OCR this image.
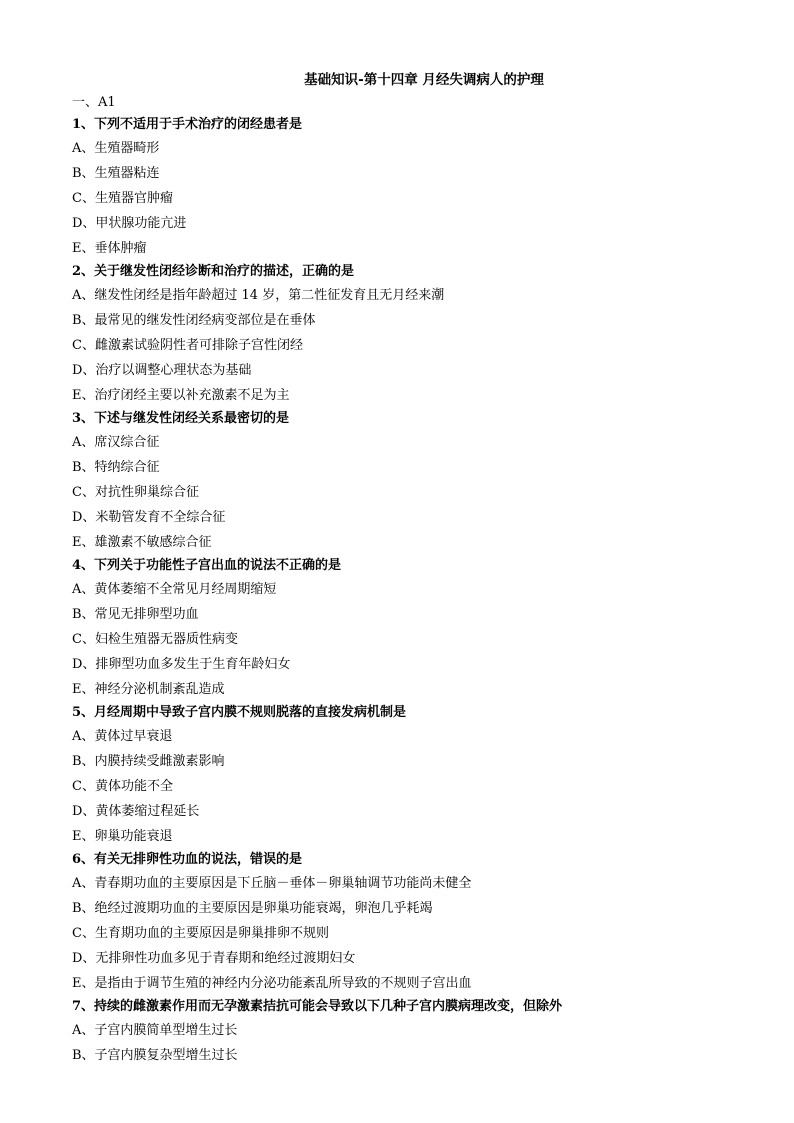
基础知识-第十四章 月经失调病人的护理
一、A1
1、下列不适用于手术治疗的闭经患者是
A、生殖器畸形
B、生殖器粘连
C、生殖器官肿瘤
D、甲状腺功能亢进
E、垂体肿瘤
2、关于继发性闭经诊断和治疗的描述，正确的是
A、继发性闭经是指年龄超过 14 岁，第二性征发育且无月经来潮
B、最常见的继发性闭经病变部位是在垂体
C、雌激素试验阴性者可排除子宫性闭经
D、治疗以调整心理状态为基础
E、治疗闭经主要以补充激素不足为主
3、下述与继发性闭经关系最密切的是
A、席汉综合征
B、特纳综合征
C、对抗性卵巢综合征
D、米勒管发育不全综合征
E、雄激素不敏感综合征
4、下列关于功能性子宫出血的说法不正确的是
A、黄体萎缩不全常见月经周期缩短
B、常见无排卵型功血
C、妇检生殖器无器质性病变
D、排卵型功血多发生于生育年龄妇女
E、神经分泌机制紊乱造成
5、月经周期中导致子宫内膜不规则脱落的直接发病机制是
A、黄体过早衰退
B、内膜持续受雌激素影响
C、黄体功能不全
D、黄体萎缩过程延长
E、卵巢功能衰退
6、有关无排卵性功血的说法，错误的是
A、青春期功血的主要原因是下丘脑－垂体－卵巢轴调节功能尚未健全
B、绝经过渡期功血的主要原因是卵巢功能衰竭，卵泡几乎耗竭
C、生育期功血的主要原因是卵巢排卵不规则
D、无排卵性功血多见于青春期和绝经过渡期妇女
E、是指由于调节生殖的神经内分泌功能紊乱所导致的不规则子宫出血
7、持续的雌激素作用而无孕激素拮抗可能会导致以下几种子宫内膜病理改变，但除外
A、子宫内膜简单型增生过长
B、子宫内膜复杂型增生过长
